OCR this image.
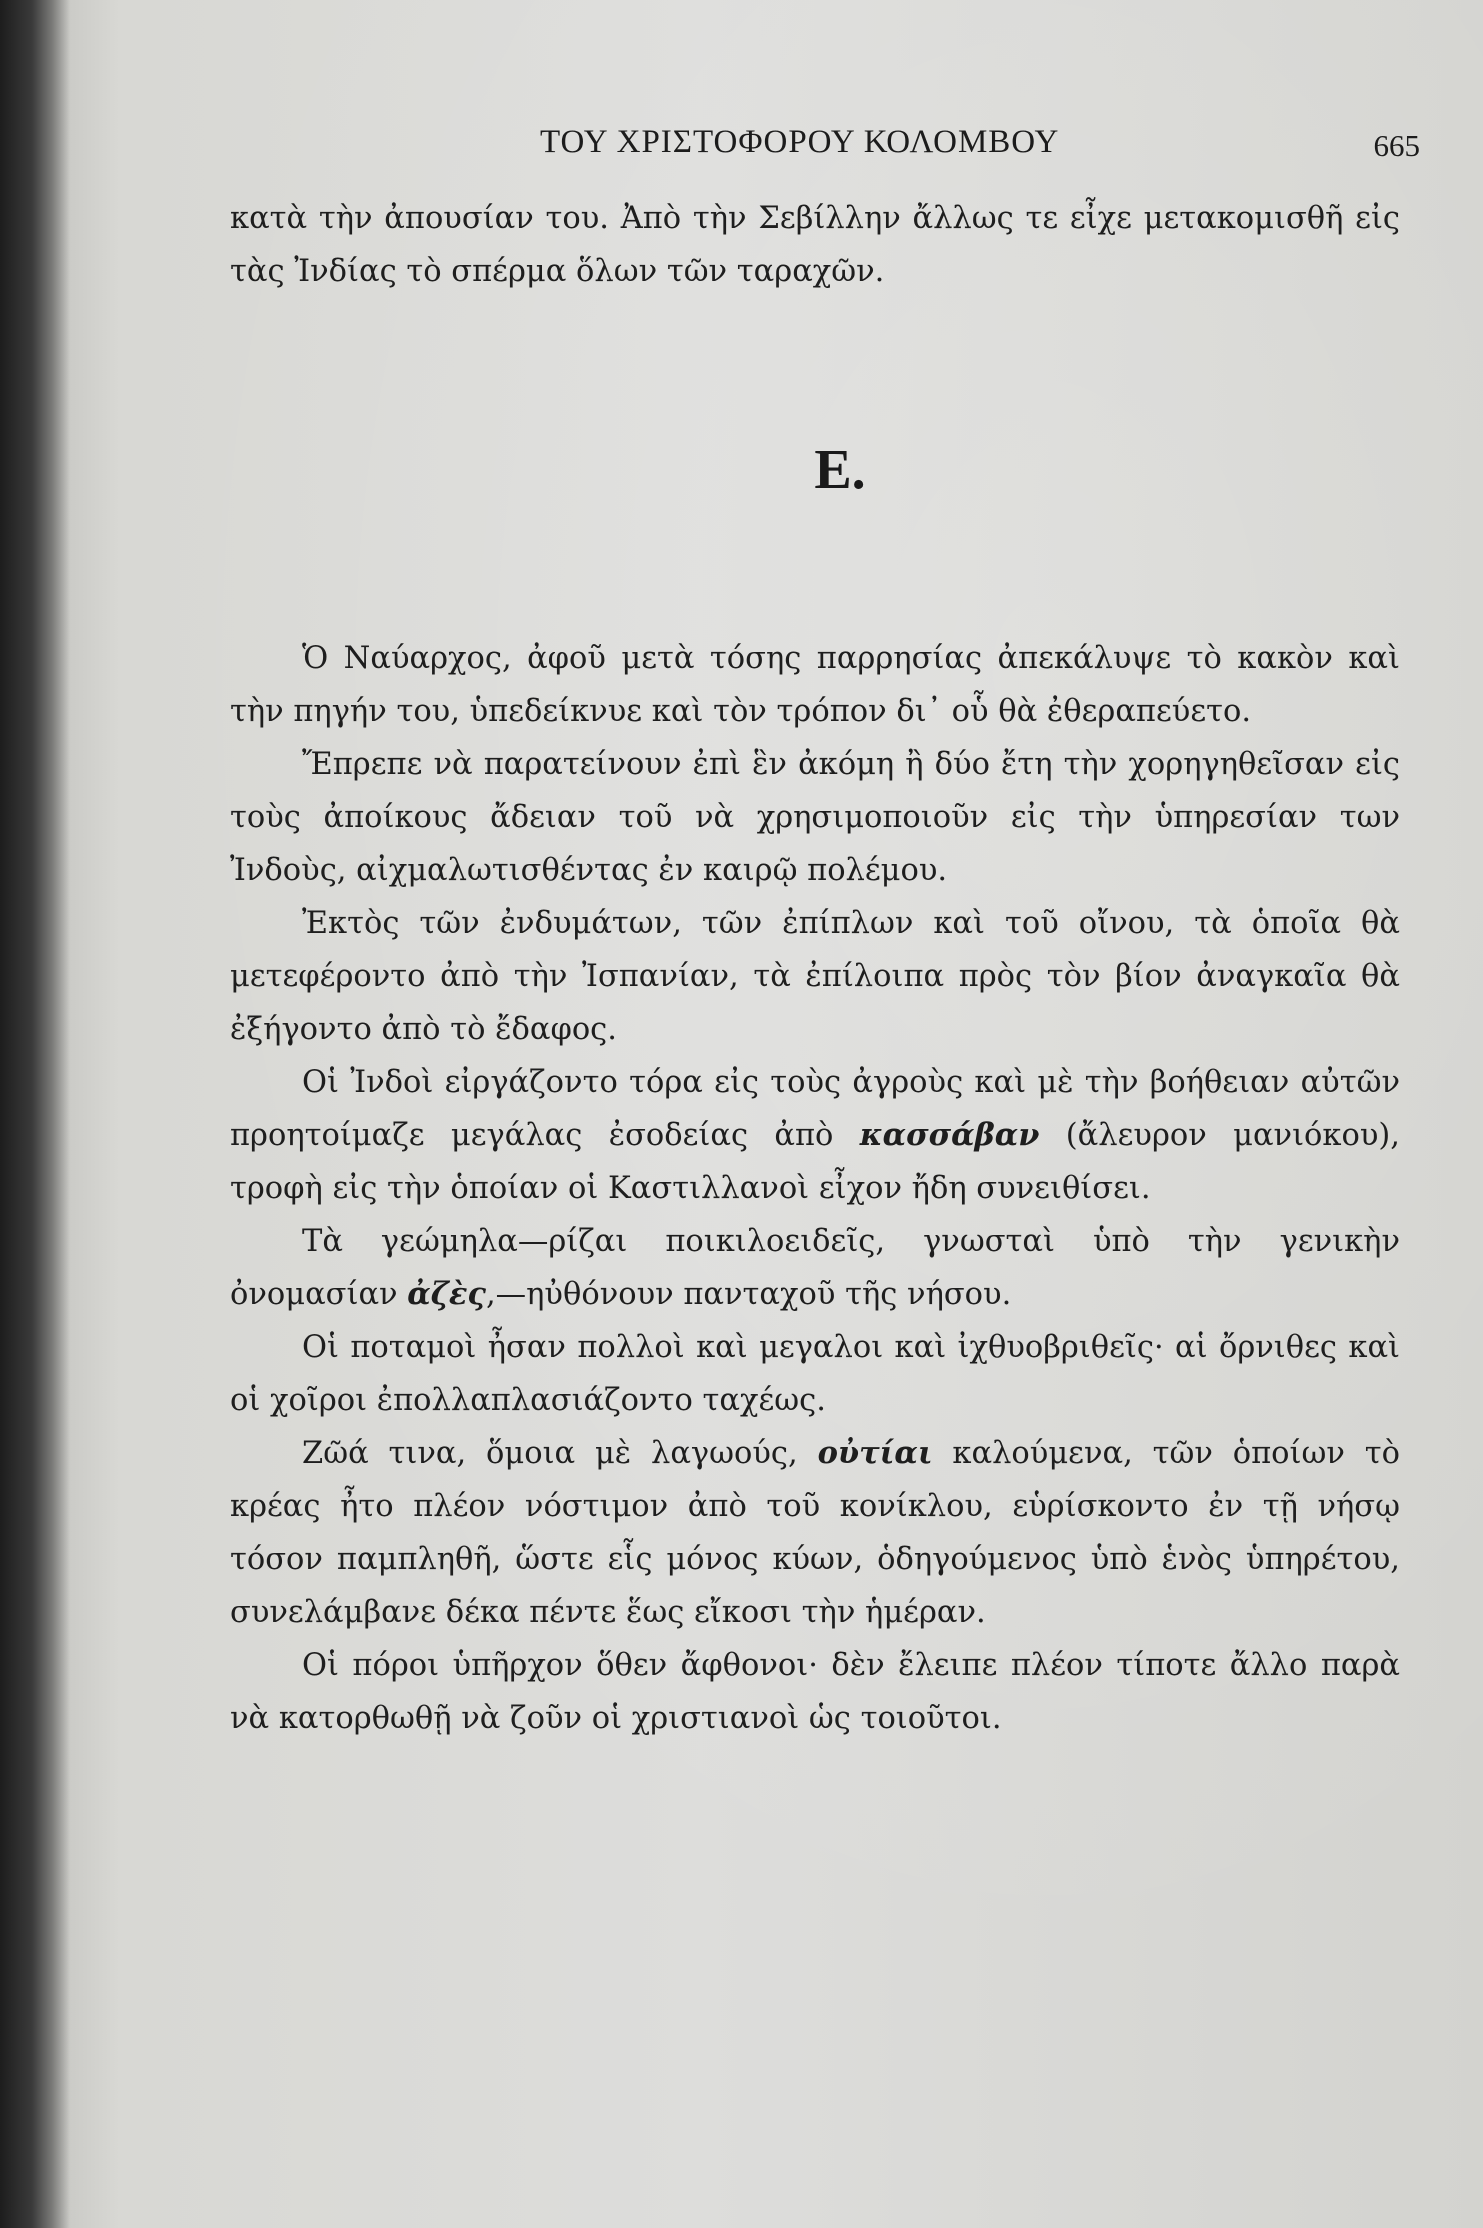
ΤΟΥ ΧΡΙΣΤΟΦΟΡΟΥ ΚΟΛΟΜΒΟΥ	665

κατὰ τὴν ἀπουσίαν του. Ἀπὸ τὴν Σεβίλλην ἄλλως τε εἶχε μετακομισθῆ εἰς τὰς Ἰνδίας τὸ σπέρμα ὅλων τῶν ταραχῶν.

Ε.

Ὁ Ναύαρχος, ἀφοῦ μετὰ τόσης παρρησίας ἀπεκάλυψε τὸ κακὸν καὶ τὴν πηγήν του, ὑπεδείκνυε καὶ τὸν τρόπον δι᾽ οὗ θὰ ἐθεραπεύετο.

Ἔπρεπε νὰ παρατείνουν ἐπὶ ἓν ἀκόμη ἢ δύο ἔτη τὴν χορηγηθεῖσαν εἰς τοὺς ἀποίκους ἄδειαν τοῦ νὰ χρησιμοποιοῦν εἰς τὴν ὑπηρεσίαν των Ἰνδοὺς, αἰχμαλωτισθέντας ἐν καιρῷ πολέμου.

Ἐκτὸς τῶν ἐνδυμάτων, τῶν ἐπίπλων καὶ τοῦ οἴνου, τὰ ὁποῖα θὰ μετεφέροντο ἀπὸ τὴν Ἰσπανίαν, τὰ ἐπίλοιπα πρὸς τὸν βίον ἀναγκαῖα θὰ ἐξήγοντο ἀπὸ τὸ ἔδαφος.

Οἱ Ἰνδοὶ εἰργάζοντο τόρα εἰς τοὺς ἀγροὺς καὶ μὲ τὴν βοήθειαν αὐτῶν προητοίμαζε μεγάλας ἐσοδείας ἀπὸ κασσάβαν (ἄλευρον μανιόκου), τροφὴ εἰς τὴν ὁποίαν οἱ Καστιλλανοὶ εἶχον ἤδη συνειθίσει.

Τὰ γεώμηλα—ρίζαι ποικιλοειδεῖς, γνωσταὶ ὑπὸ τὴν γενικὴν ὀνομασίαν ἀζὲς,—ηὐθόνουν πανταχοῦ τῆς νήσου.

Οἱ ποταμοὶ ἦσαν πολλοὶ καὶ μεγαλοι καὶ ἰχθυοβριθεῖς· αἱ ὄρνιθες καὶ οἱ χοῖροι ἐπολλαπλασιάζοντο ταχέως.

Ζῶά τινα, ὅμοια μὲ λαγωούς, οὐτίαι καλούμενα, τῶν ὁποίων τὸ κρέας ἦτο πλέον νόστιμον ἀπὸ τοῦ κονίκλου, εὑρίσκοντο ἐν τῇ νήσῳ τόσον παμπληθῆ, ὥστε εἷς μόνος κύων, ὁδηγούμενος ὑπὸ ἑνὸς ὑπηρέτου, συνελάμβανε δέκα πέντε ἕως εἴκοσι τὴν ἡμέραν.

Οἱ πόροι ὑπῆρχον ὅθεν ἄφθονοι· δὲν ἔλειπε πλέον τίποτε ἄλλο παρὰ νὰ κατορθωθῇ νὰ ζοῦν οἱ χριστιανοὶ ὡς τοιοῦτοι.
